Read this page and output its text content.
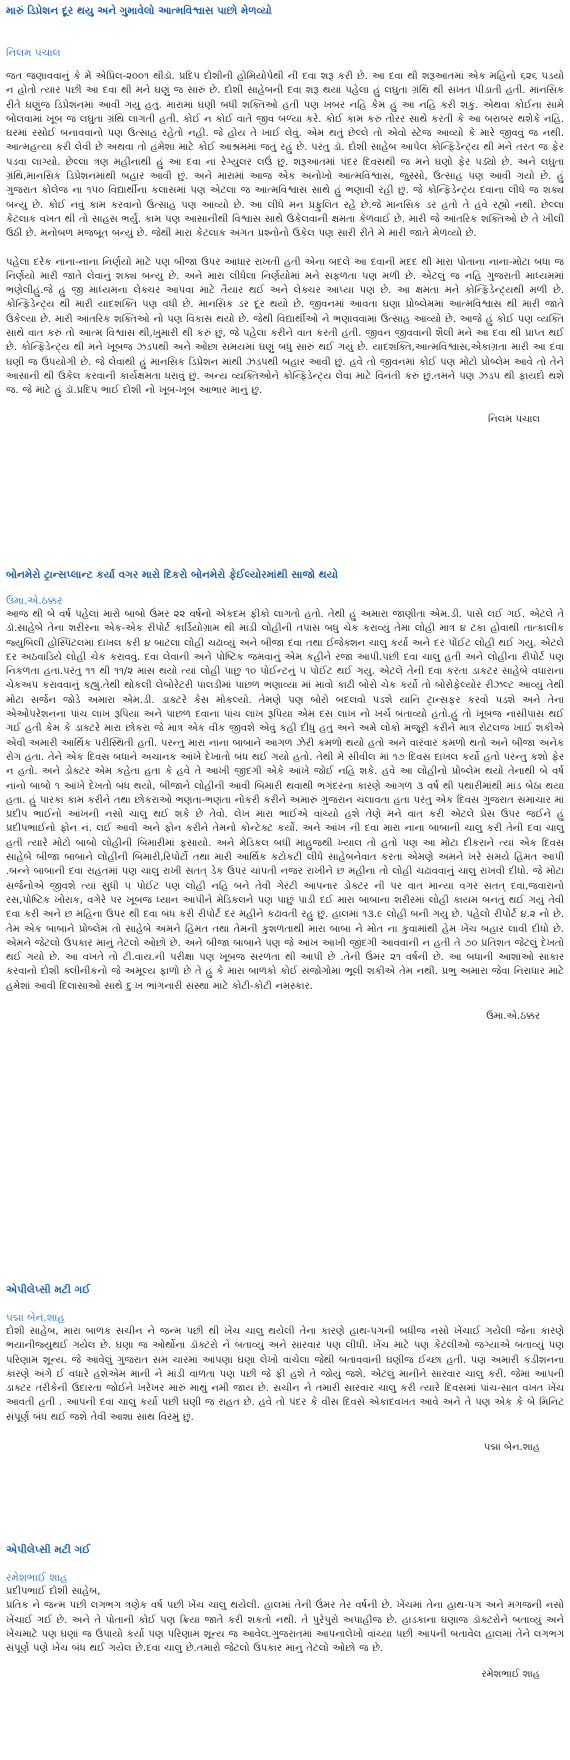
મારું ડિપ્રેશન દૂર થયુ અને ગુમાવેલો આત્મવિશ્વાસ પાછો મેળવ્યો
નિલમ પંચાલ

જત જણાવવાનું કે મેં એપ્રિલ-૨૦૦૧ થીડૉ. પ્રદિપ દોશીની હોમિયોપેથી ની દવા શરૂ કરી છે. આ દવા થી શરૂઆતમાં એક મહિનો ૬૨૬ પડયો ન હોતો ત્યાર પછી આ દવા થી મને ઘણું જ સારું છે. દોશી સાહેબની દવા શરૂ થયાં પહેલા હું લઘુતા ગ્રંથિ થી સખત પીડાતી હતી. માનસિક રીતે ઘણુંજ ડિપ્રેશનમાં આવી ગયુ હતું. મારામાં ઘણી બધી શક્તિઓ હતી પણ ખબર નહિ કેમ હું આ નહિ કરી શકું. એથવા કોઈના સામે બોલવામાં ખૂબ જ લઘુતા ગ્રંથિ લાગતી હતી. કોઈ ન કોઈ વાતે જીવ બળ્યા કરે. કોઈ કામ કરું તોરર સાથે કરતી કે આ બરાબર થશેકે નહિ. ઘરમાં રસોઈ બનાવવાનો પણ ઉત્સાહ રહેતો નહી. જે હોય તે ખાઈ લેવું. એમ થતું છેલ્લે તો એવો સ્ટેજ આવ્યો કે મારે જીવવું જ નથી. આત્મહત્યા કરી લેવી છે અથવા તો હંમેશા માટે કોઈ આશ્રમમાં જતું રહું છે. પરંતુ ડૉ. દોશી સાહેબ આપેલ કોન્ફિડેન્ટ્ય થી મને તરત જ ફેર પડવા લાગ્યો. છેલ્લા ત્રણ મહીનાથી હું આ દવા ના રેગ્યુલર લઉં છું. શરૂઆતમાં પંદર દિવસથી જ મને ઘણો ફેર પડ્યો છે. અને લઘુતા ગ્રંથિ,માનસિક ડિપ્રેશનમાંથી બહાર આવી છું. અને મારામાં આજ એક અનોખો આત્મવિશ્વાસ, જુસ્સો, ઉત્સાહ પણ આવી ગયો છે. હું ગુજરાત કોલેજ ના ૧૫૦ વિદ્યાર્થીના કલાસમાં પણ એટલા જ આત્મવિશ્વાસ સાથે હું ભણાવી રહી છું. જે કોન્ફિડેન્ટ્ય દવાના લીધે જ શક્ય બન્યુ છે. કોઈ નવું કામ કરવાનો ઉત્સાહ પણ આવ્યો છે. આ લીધે મન પ્રફુલિત રહે છે.જે માનસિક ડર હતો તે હવે રહ્યો નથી. છેલ્લા કેટલાક વખત થી તો સાહસ ભર્યું. કામ પણ આસાનીથી વિશ્વાસ સાથે ઉકેલવાની ક્ષમતા કેળવાઈ છે. મારી જે આંતરિક શક્તિઓ છે તે ખીલી ઉઠી છે. મનોબળ મજબૂત બન્યું છે. જેથી મારા કેટલાક અંગત પ્રશ્નોનો ઉકેલ પણ સારી રીતે મેં મારી જાતે મેળવ્યો છે.

પહેલા દરેક નાના-નાના નિર્ણયો માટે પણ બીજા ઉપર આધાર રાખતી હતી એના બદલે આ દવાની મદદ થી મારા પોતાના નાના-મોટા બધા જ નિર્ણયો મારી જાતે લેવાનું શક્ય બન્યુ છે. અને મારા લીધેલા નિર્ણયોમાં મને સફળતા પણ મળી છે. એટલું જ નહિ ગુજરાતી માધ્યમમાં ભણેલીહું.જે હું જી માધ્યમના લેક્ચર આપવા માટે તૈયાર થઈ અને લેક્ચર આપ્યા પણ છે. આ ક્ષમતા મને કોન્ફિડેન્ટ્યથી મળી છે. કોન્ફિડેન્ટ્ય થી મારી યાદશક્તિ પણ વધી છે. માનસિક ડર દૂર થયો છે. જીવનમાં આવતા ઘણા પ્રોબ્લેમમાં આત્મવિશ્વાસ થી મારી જાતે ઉકેલ્યા છે. મારી આંતરિક શક્તિઓ નો પણ વિકાસ થયો છે. જેથી વિદ્યાર્થીઓ ને ભણાવવામાં ઉત્સાહ આવ્યો છે. આજે હું કોઈ પણ વ્યક્તિ સાથે વાત કરું તો આત્મ વિશ્વાસ થી,ખુમારી થી કરું છું, જે પહેલા કરીને વાત કરતી હતી. જીવન જીવવાની શૈલી મને આ દવા થી પ્રાપ્ત થઈ છે. કોન્ફિડેન્ટ્ય થી મને ખૂબજ ઝડપથી અને ઓછા સમયમાં ઘણું બધુ સારું થઈ ગયું છે. યાદશક્તિ,આત્મવિશ્વાસ,એકાગ્રતા મારી આ દવા ઘણી જ ઉપયોગી છે. જે લેવાથી હું માનસિક ડિપ્રેશન માંથી ઝડપથી બહાર આવી છું. હવે તો જીવનમાં કોઈ પણ મોટો પ્રોબ્લેમ આવે તો તેને આસાની થી ઉકેલ કરવાની કાર્યક્ષમતા ધરાવું છું. અન્ય વ્યક્તિઓને કોન્ફિડેન્ટ્ય લેવા માટે વિનંતી કરું છું.તમને પણ ઝડપ થી ફાયદો થશે જ. જે માટે હું ડૉ.પ્રદિપ ભાઈ દોશી નો ખૂબ-ખૂબ આભાર માનું છું.

નિલમ પંચાલ
બોનમેરો ટ્રાન્સપ્લાન્ટ કર્યા વગર મારો દિકરો બોનમેરો ફેઈલ્યોરમાંથી સાજો થયો
ઉમા.એ.ઠક્કર

આજ થી બે વર્ષ પહેલાં મારો બાબો ઉંમર ૨૨ વર્ષનો એકદમ ફીકો લાગતો હતો. તેથી હું અમારા જાણીતા એમ.ડી. પાસે લઈ ગઈ. એટલે તે ડૉ.સાહેબે તેના શરીરના એક-એક રીપોર્ટ કાર્ડિયોગ્રામ થી માંડી લોહીની તપાસ બધુ ચેક કરાવ્યું તેમા લોહી માત્ર ૪ ટકા હોવાથી તાત્કાલીક જ્યુબિલી હોસ્પિટલમાં દાખલ કરી ૪ બાટલા લોહી ચઢાવ્યું અને બીજા દવા તથા ઈજેક્શન ચાલુ કર્યા અને દર પોંઈટ લોહી થઈ ગયુ. એટલે દર અઠવાડિયે લોહી ચેક કરાવવું. દવા લેવાની અને પોષ્ટિક જમવાનું એમ કહીને રજા આપી.પછી દવા ચાલુ હતી અને લોહીના રીપોર્ટ પણ નિકળતા હતા.પરંતુ ૧૧ થી ૧૧/૨ માસ થયો ત્યાં લોહી પાછુ ૧૦ પોઈન્ટનું ૫ પોઈંટ થઈ ગયુ. એટલે તેની દવા કરતા ડાકટર સાહેબે વધારાના ચેકઅપ કરાવવાનું કહ્યું.તેથી થોકલી લેબોરેટરી પાલડીમાં પાછળ ભણાવ્યા માં માવો કાઢી બોરો ચેક કર્યો તો બોરોફેલ્યોર રીઝલ્ટ આવ્યું તેથી મોટા સર્જન જોડે અમારા એમ.ડી. ડાક્ટરે કેસ મોકલ્યો. તેમણે પણ બોરો બદલવો પડશે યાનિ ટ્રાન્સફર કરવો પડશે અને તેના એઓપરેશનના પાંચ લાખ રૂપિયા અને પાછળ દવાના પાંચ લાખ રૂપિયા એમ દસ લાખ નો ખર્ચ બતાવ્યો હતો.હું તો ખૂબજ નાસીપાસ થઈ ગઈ હતી કેમ કે ડાક્ટરે મારા છોકરા જે માત્ર એક વીક જીવશે એવું કહી દીધુ હતું અને અમે લોકો મજૂરી કરીને માત્ર રોટલજ ખાઈ શકીએ એવી અમારી આર્થિક પરીસ્થિતી હતી. પરન્તુ મારા નાના બાબાને આગળ ઝેરી કમળો થયો હતો અને વારંવાર કમળો થતો અને બીજા અનેક રોગ હતા. તેને એક દિવસ બધાને અચાનક આંખે દેખાતો બંધ થઈ ગયો હતો. તેથી મે સીવીલ માં ૧૭ દિવસ દાખલ કર્યો હતો પરન્તુ કશો ફેર ન હતો. અને ડોક્ટર એમ કહેતા હતા કે હવે તે આખી જીંદગી એકે આંખે જોઈ નહિ શકે. હવે આ લોહીનો પ્રોબ્લેમ થયો તેનાથી બે વર્ષ નાનો બાબો ૧ આંખે દેખતો બંધ થયો, બીજાને લોહીની આવી બિમારી થવાથી ભગંદરના કારણે આગળ ૩ વર્ષ થી પથારીમાંથી માંડ બેઠા થયા હતા. હું પારકા કામ કરીને તથા છોકરાઓ ભણતા-ભણતા નોકરી કરીને અમારું ગુજરાન ચલાવતા હતા પરંતુ એક દિવસ ગુજરાત સમાચાર માં પ્રદીપ ભાઈનો આંખની નસો ચાલુ થઈ શકે છે તેવો. લેખ મારા ભાઈએ વાંચ્યો હશે તેણે મને વાત કરી એટલે પ્રેસ ઉપર જઈને હું પ્રદીપભાઈનો ફોન નં. લઈ આવી અને ફોન કરીને તેમનો કોન્ટેક્ટ કર્યો. અને આંખ ની દવા મારા નાના બાબાની ચાલુ કરી તેની દવા ચાલુ હતી ત્યારે મોટો બાબો લોહીની બિમારીમાં ફસાયો. અને મેડિકલ બધી માહુજથી ખ્યાલ તો હતો પણ આ મોટા દીકરાને ત્યાં એક દિવસ સાહેબે બીજા બાબાને લોહીની બિમારી,રિપોર્ટો તથા મારી આર્થિક કટોકટી લીધે સાહેબનેવાત કરતાં એમણે અમને ખરે સમયે હિંમત આપી .બન્ને બાબાની દવા રાહતમાં પણ ચાલુ રાખી સતત્ ડેક ઉપર ચાંપતી નજર રાખીને છ મહીના તો લોહી ચઢાવવાનું ચાલુ રાખવી દીધો. જે મોટા સર્જનોએ જીવશે ત્યાં સુધી ૫ પોઈંટ પણ લોહી નહિ બને તેવી ગેરંટી આપનાર ડોક્ટર ની પર વાત માન્યા વગર સતત્ દવા,જવારાનો રસ,પોષ્ટિક ખોરાક, વગેરે પર ખૂબજ ધ્યાન આપીને મેડિકલને પણ પાછું પાડી દઈ મારા બાબાના શરીરમાં લોહી કાયમ બનતું થઈ ગયું તેવી દવા કરી અને છ મહિના ઉપર થી દવા બંધ કરી રીપોર્ટ દર મહીને કઢાવતી રહુ છું. હાલમાં ૧૩.૯ લોહી બની ગયુ છે. પહેલો રીપોર્ટ ૪.૨ નો છે. તેમ એક બાબાને પ્રોબ્લેમ તો સાહેબે અમને હિંમત તથા તેમની કુશળતાથી મારા બાબા ને મોત ના કુવામાંથી હેમ ખેંચ બહાર લાવી દીધો છે. એમને જેટલો ઉપકાર માનું તેટલો ઓછો છે. અને બીજા બાબાને પણ જે આંખ આખી જીંદગી આવવાની ન હતી તે ૭૦ પ્રતિશત જેટલું દેખતો થઈ ગયો છે. આ વખતે તો ટી.વાય.ની પરીક્ષા પણ ખૂબજ સરળતા થી આપી છે .તેની ઉંમર ૨૧ વર્ષની છે. આ બધાની આશાઓ સાકાર કરવાનો દોશી ક્લીનીકનો જે અમૂલ્ય ફાળો છે તે હું કે મારા બાળકો કોઈ સંજોગોમાં ભૂલી શકીએ તેમ નથી. પ્રભુ અમારા જેવા નિરાધાર માટે હમેશાં આવી દિલાસાઓ સાથે દુઃખ ભાંગનારી સંસ્થા માટે કોટી-કોટી નમસ્કાર.

ઉમા.એ.ઠક્કર
એપીલેપ્સી મટી ગઈ
પદ્મા બેન.શાહ

દોશી સાહેબ, મારા બાળક સચીન ને જન્મ પછી થી ખેંચ ચાલુ થયેલી તેના કારણે હાથ-પગની બધીજ નસો ખેંચાઈ ગયેલી જેના કારણે ભયાનીજ્યુથઈ ગયેલ છે. ઘણા જ ઓર્થોના ડૉક્ટરો ને બતાવ્યું અને સારવાર પણ લીધી. ખેંચ માટે પણ કેટલીઓ જગ્યાએ બતાવ્યું પણ પરિણામ શૂન્ય. જે આવેલું ગુજરાત સમ ચારમાં આપણા ઘણા લેખો વાંચેલા જેથી બતાવવાની ઘણીજ ઈચ્છા હતી. પણ અમારી કંડીશનના કારણે અંગે ઈ વધારે હશેએમ માની ને માંડી વાળતા પણ પછી જે ફી હશે તે જોયું જશે. એટલું માનીને સારવાર ચાલુ કરી. જેમાં આપની ડાક્ટર તરીકેની ઉદારતા જોઈને ખરેખર મારું માથું નમી જાય છે. સચીન ને તમારી સારવાર ચાલુ કરી ત્યારે દિવસમાં પાંચ-સાત વખત ખેંચ આવતી હતી . આપની દવા ચાલુ કર્યા પછી ઘણી જ રાહત છે. હવે તો પંદર કે વીસ દિવસે એકાદવખત આવે અને તે પણ એક કે બે મિનિટ સંપૂર્ણ બંધ થઈ જશે તેવી આશા સાથ વિરમું છું.

પદ્મા બેન.શાહ
એપીલેપ્સી મટી ગઈ
રમેશભાઈ શાહ

પ્રદીપભાઈ દોશી સાહેબ,

પ્રતિક ને જન્મ પછી લગભગ ત્રણેક વર્ષ પછી ખેંચ ચાલુ થયેલી. હાલમાં તેની ઉંમર તેર વર્ષની છે. ખેંચમાં તેના હાથ-પગ અને મગજની નસો ખેંચાઈ ગઈ છે. અને તે પોતાની કોઈ પણ ક્રિયા જાતે કરી શકતો નથી. તે પુરેપુરો અપાહીજ છે. હાડકાના ઘણાજ ડૉક્ટરોને બતાવ્યું અને ખેંચમાટે પણ ઘણાં જ ઉપાયો કર્યા પણ પરિણામ શૂન્ય જ આવેલ.ગુજરાતમાં આપનાલેખો વાંચ્યા પછી આપની બતાવેલ હાલમાં તેને લગભગ સંપૂર્ણ પણે ખેંચ બંધ થઈ ગયેલ છે.દવા ચાલુ છે.તમારો જેટલો ઉપકાર માનું તેટલો ઓછો જ છે.

રમેશભાઈ શાહ
